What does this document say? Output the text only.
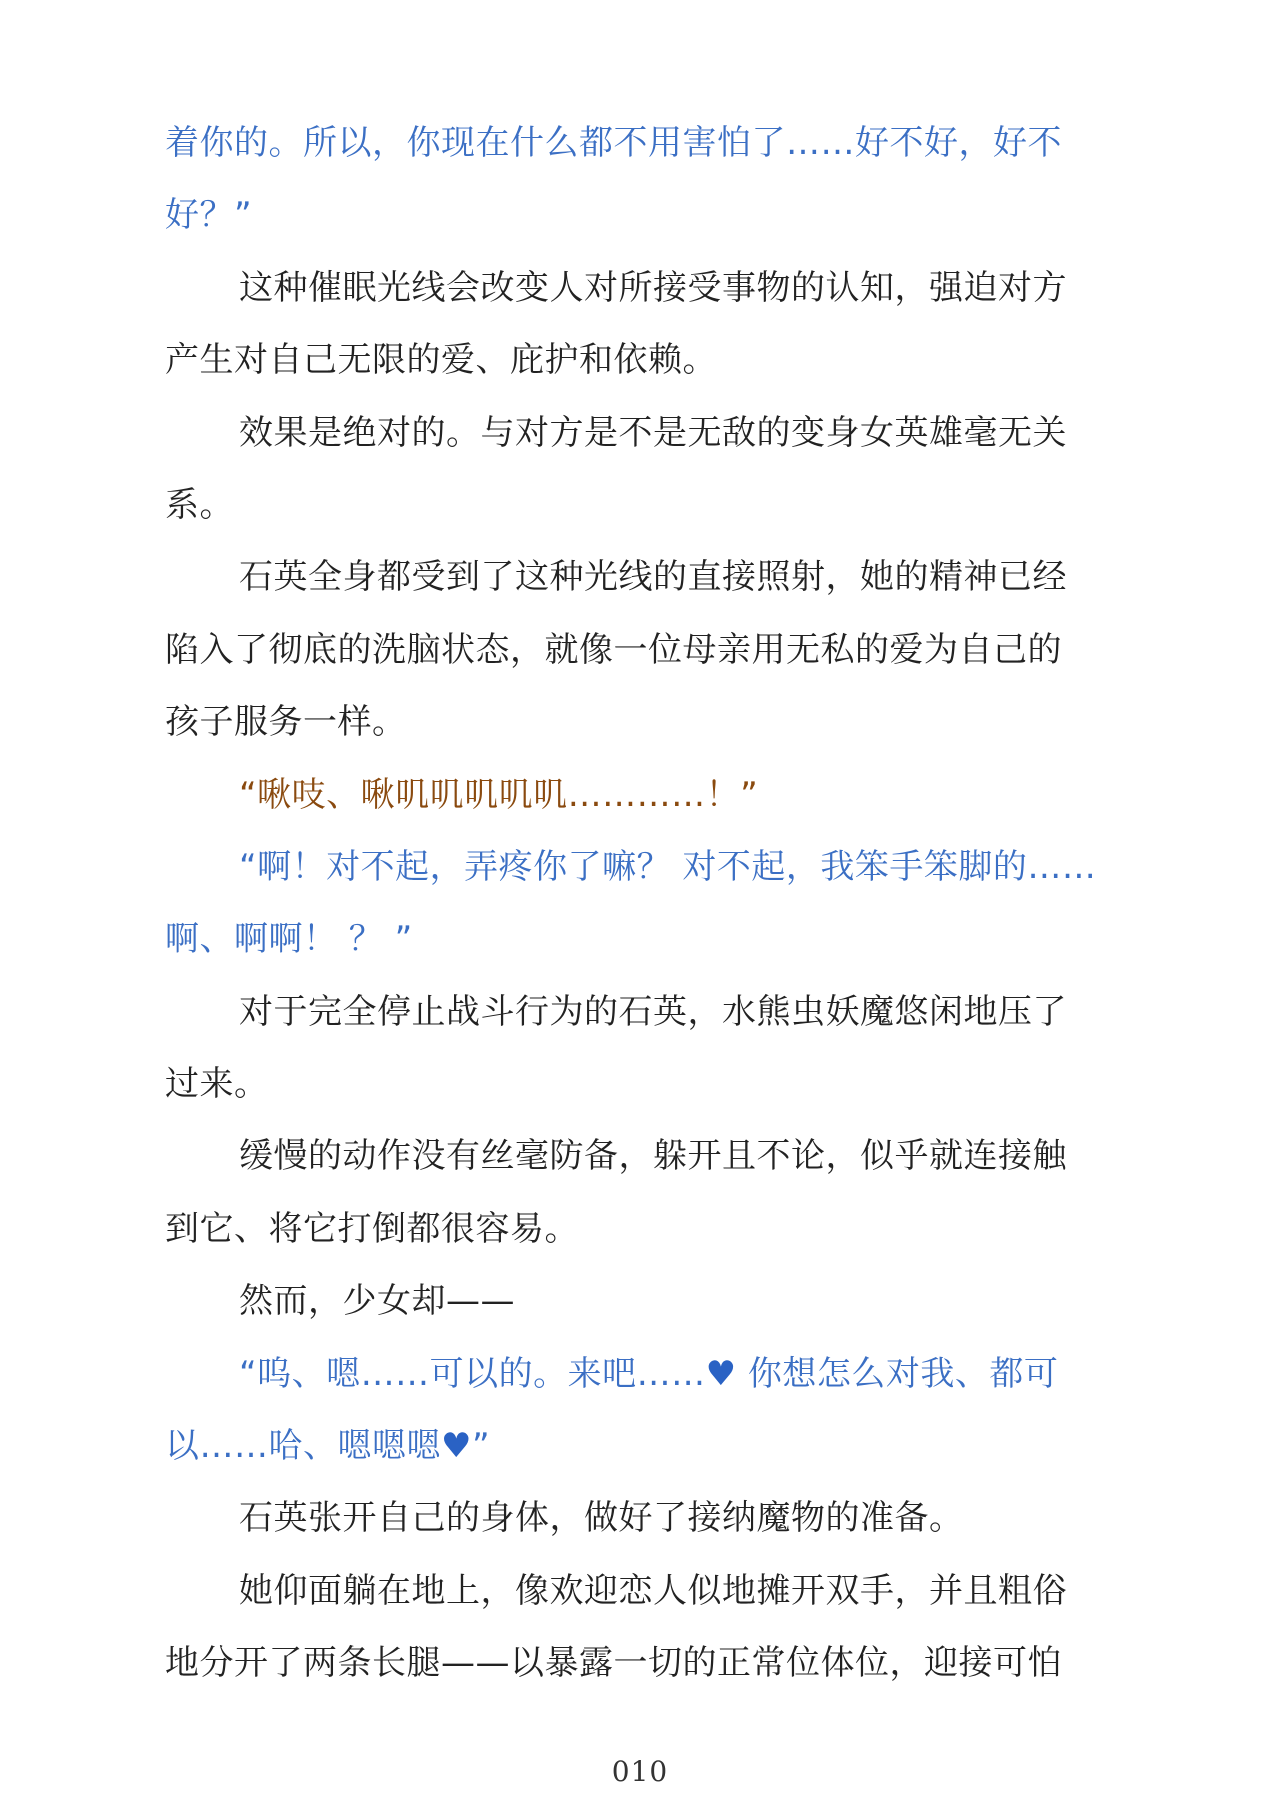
着你的。所以，你现在什么都不用害怕了……好不好，好不
好？”
这种催眠光线会改变人对所接受事物的认知，强迫对方
产生对自己无限的爱、庇护和依赖。
效果是绝对的。与对方是不是无敌的变身女英雄毫无关
系。
石英全身都受到了这种光线的直接照射，她的精神已经
陷入了彻底的洗脑状态，就像一位母亲用无私的爱为自己的
孩子服务一样。
“啾吱、啾叽叽叽叽叽…………！”
“啊！对不起，弄疼你了嘛？ 对不起，我笨手笨脚的……
啊、啊啊！ ？ ”
对于完全停止战斗行为的石英，水熊虫妖魔悠闲地压了
过来。
缓慢的动作没有丝毫防备，躲开且不论，似乎就连接触
到它、将它打倒都很容易。
然而，少女却——
“呜、嗯……可以的。来吧……♥ 你想怎么对我、都可
以……哈、嗯嗯嗯♥”
石英张开自己的身体，做好了接纳魔物的准备。
她仰面躺在地上，像欢迎恋人似地摊开双手，并且粗俗
地分开了两条长腿——以暴露一切的正常位体位，迎接可怕
010
